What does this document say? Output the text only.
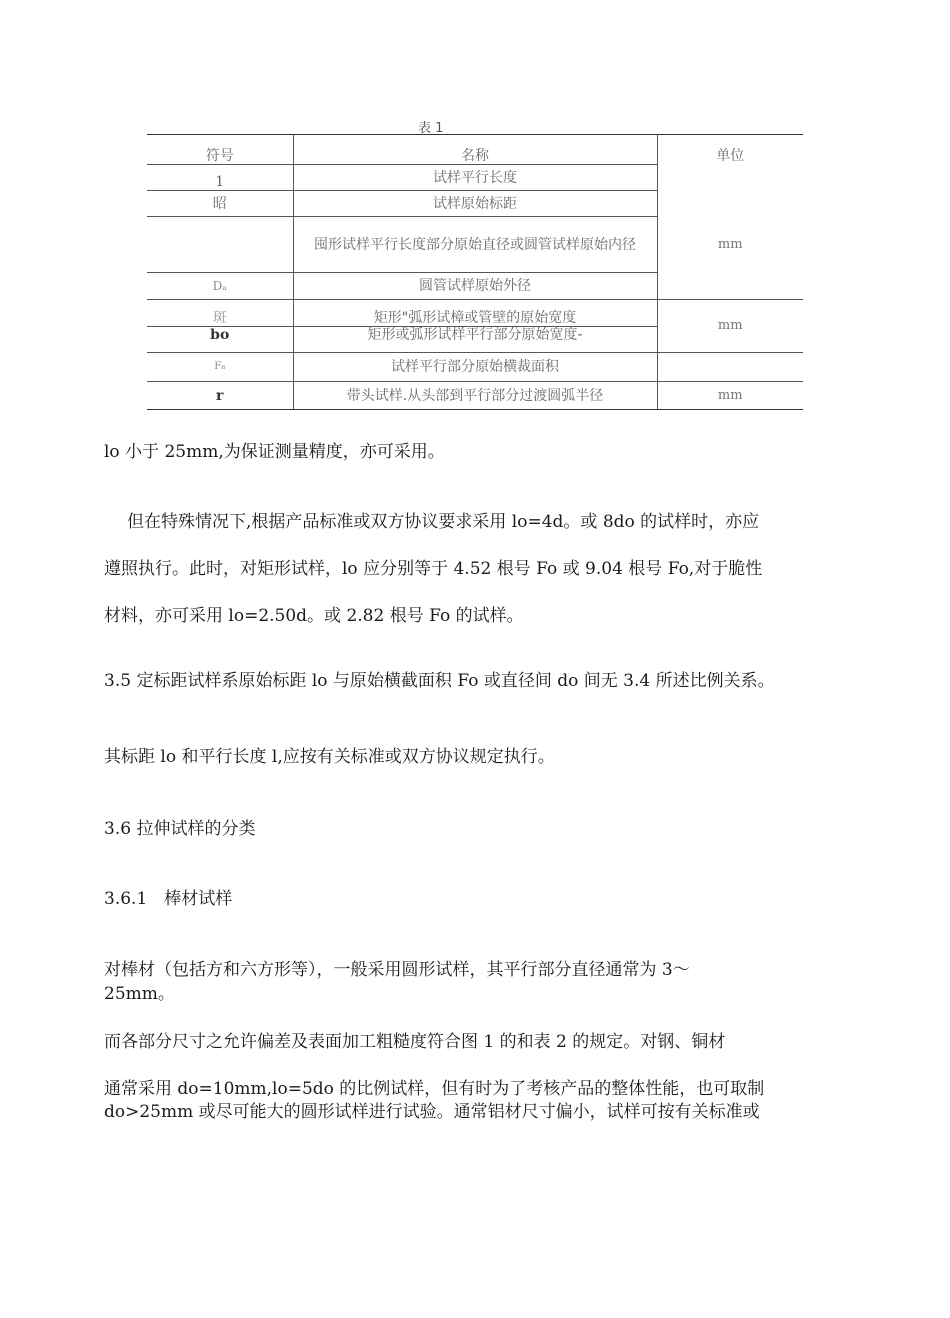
表 1
符号	名称	单位
1	试样平行长度	
昭	试样原始标距	mm
	囤形试样平行长度部分原始直径或圆管试样原始内径	
Dₐ	圆管试样原始外径	
斑	矩形"弧形试樟或管壁的原始宽度	mm
bo	矩形或弧形试样平行部分原始宽度-	
F₈	试样平行部分原始横裁面积	
r	带头试样.从头部到平行部分过渡圆弧半径	mm

lo 小于 25mm,为保证测量精度，亦可采用。

但在特殊情况下,根据产品标准或双方协议要求采用 lo=4d。或 8do 的试样时，亦应

遵照执行。此时，对矩形试样，lo 应分别等于 4.52 根号 Fo 或 9.04 根号 Fo,对于脆性

材料，亦可采用 lo=2.50d。或 2.82 根号 Fo 的试样。

3.5 定标距试样系原始标距 lo 与原始横截面积 Fo 或直径间 do 间无 3.4 所述比例关系。

其标距 lo 和平行长度 l,应按有关标准或双方协议规定执行。

3.6 拉伸试样的分类

3.6.1　棒材试样

对棒材（包括方和六方形等），一般采用圆形试样，其平行部分直径通常为 3〜

25mm。

而各部分尺寸之允许偏差及表面加工粗糙度符合图 1 的和表 2 的规定。对钢、铜材

通常采用 do=10mm,lo=5do 的比例试样，但有时为了考核产品的整体性能，也可取制

do>25mm 或尽可能大的圆形试样进行试验。通常铝材尺寸偏小，试样可按有关标准或
